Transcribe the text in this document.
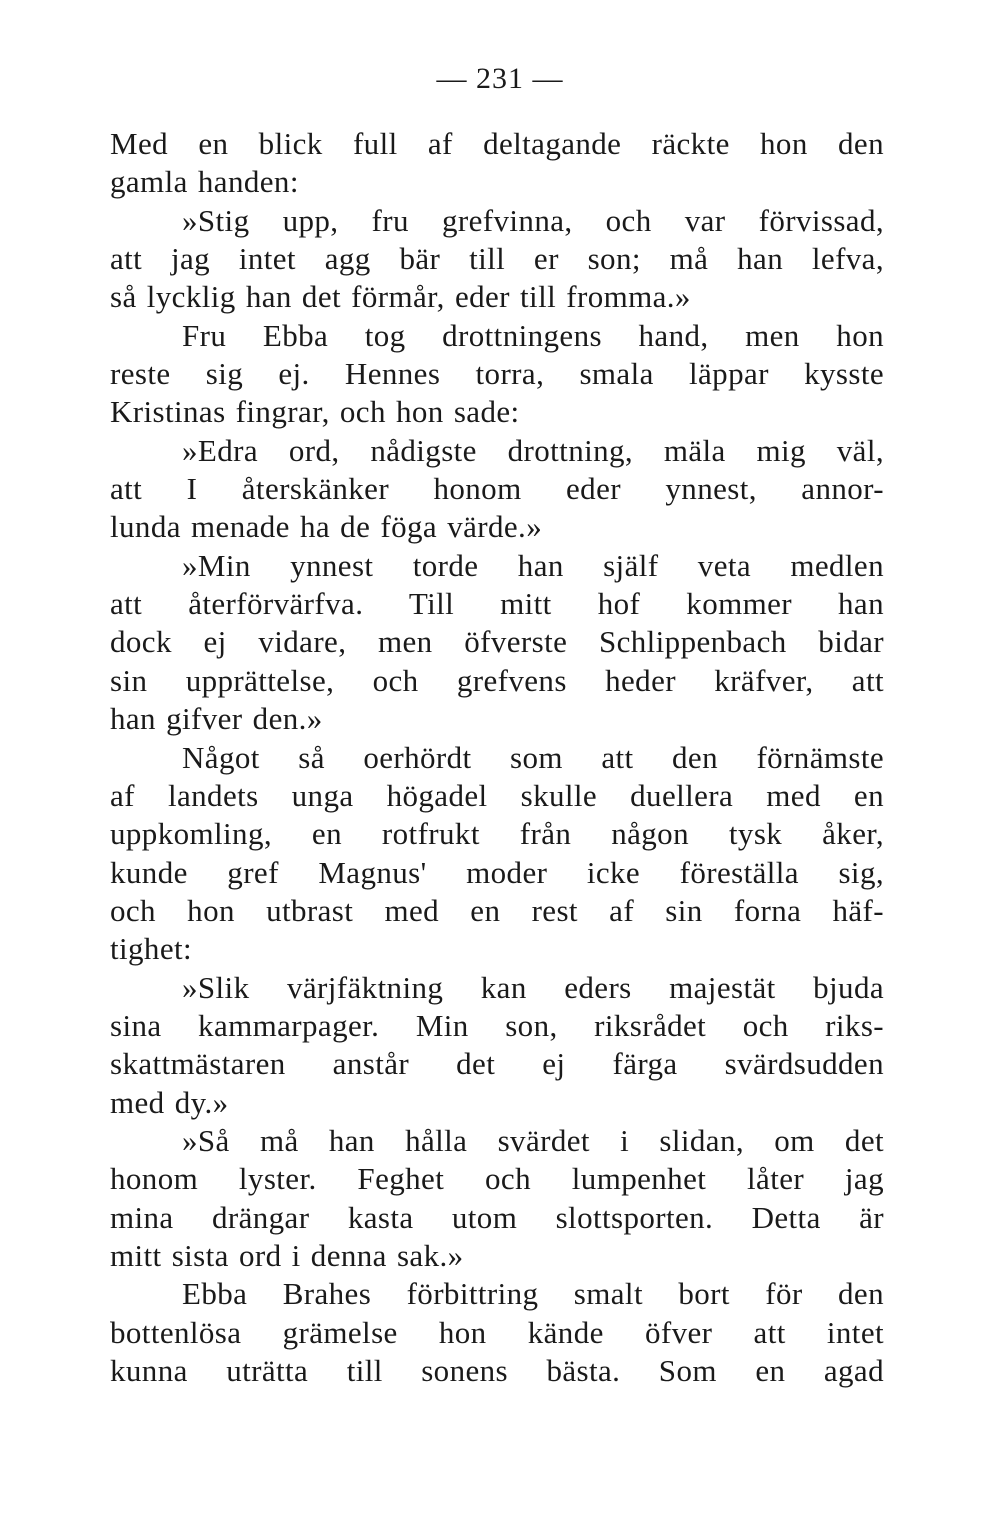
— 231 —
Med en blick full af deltagande räckte hon den
gamla handen:
»Stig upp, fru grefvinna, och var förvissad,
att jag intet agg bär till er son; må han lefva,
så lycklig han det förmår, eder till fromma.»
Fru Ebba tog drottningens hand, men hon
reste sig ej. Hennes torra, smala läppar kysste
Kristinas fingrar, och hon sade:
»Edra ord, nådigste drottning, mäla mig väl,
att I återskänker honom eder ynnest, annor-
lunda menade ha de föga värde.»
»Min ynnest torde han själf veta medlen
att återförvärfva. Till mitt hof kommer han
dock ej vidare, men öfverste Schlippenbach bidar
sin upprättelse, och grefvens heder kräfver, att
han gifver den.»
Något så oerhördt som att den förnämste
af landets unga högadel skulle duellera med en
uppkomling, en rotfrukt från någon tysk åker,
kunde gref Magnus' moder icke föreställa sig,
och hon utbrast med en rest af sin forna häf-
tighet:
»Slik värjfäktning kan eders majestät bjuda
sina kammarpager. Min son, riksrådet och riks-
skattmästaren anstår det ej färga svärdsudden
med dy.»
»Så må han hålla svärdet i slidan, om det
honom lyster. Feghet och lumpenhet låter jag
mina drängar kasta utom slottsporten. Detta är
mitt sista ord i denna sak.»
Ebba Brahes förbittring smalt bort för den
bottenlösa grämelse hon kände öfver att intet
kunna uträtta till sonens bästa. Som en agad
